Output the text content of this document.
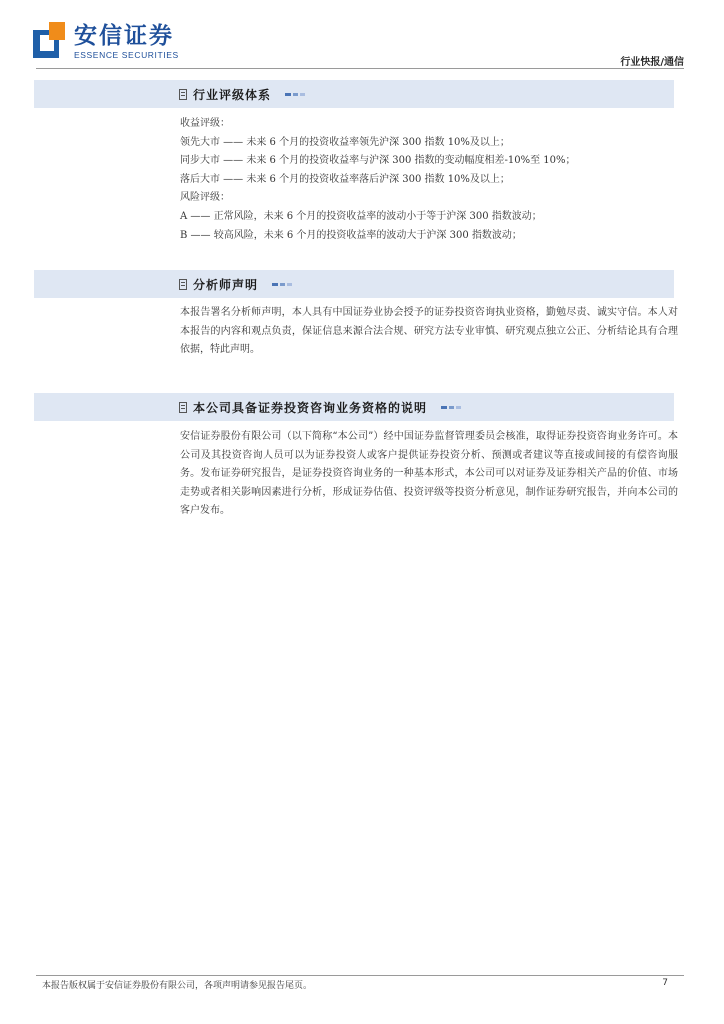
安信证券
ESSENCE SECURITIES
行业快报/通信
行业评级体系

收益评级：

领先大市 —— 未来 6 个月的投资收益率领先沪深 300 指数 10%及以上；

同步大市 —— 未来 6 个月的投资收益率与沪深 300 指数的变动幅度相差-10%至 10%；

落后大市 —— 未来 6 个月的投资收益率落后沪深 300 指数 10%及以上；

风险评级：

A —— 正常风险，未来 6 个月的投资收益率的波动小于等于沪深 300 指数波动；

B —— 较高风险，未来 6 个月的投资收益率的波动大于沪深 300 指数波动；

分析师声明

本报告署名分析师声明，本人具有中国证券业协会授予的证券投资咨询执业资格，勤勉尽责、诚实守信。本人对本报告的内容和观点负责，保证信息来源合法合规、研究方法专业审慎、研究观点独立公正、分析结论具有合理依据，特此声明。

本公司具备证券投资咨询业务资格的说明

安信证券股份有限公司（以下简称“本公司”）经中国证券监督管理委员会核准，取得证券投资咨询业务许可。本公司及其投资咨询人员可以为证券投资人或客户提供证券投资分析、预测或者建议等直接或间接的有偿咨询服务。发布证券研究报告，是证券投资咨询业务的一种基本形式，本公司可以对证券及证券相关产品的价值、市场走势或者相关影响因素进行分析，形成证券估值、投资评级等投资分析意见，制作证券研究报告，并向本公司的客户发布。

本报告版权属于安信证券股份有限公司，各项声明请参见报告尾页。	7
